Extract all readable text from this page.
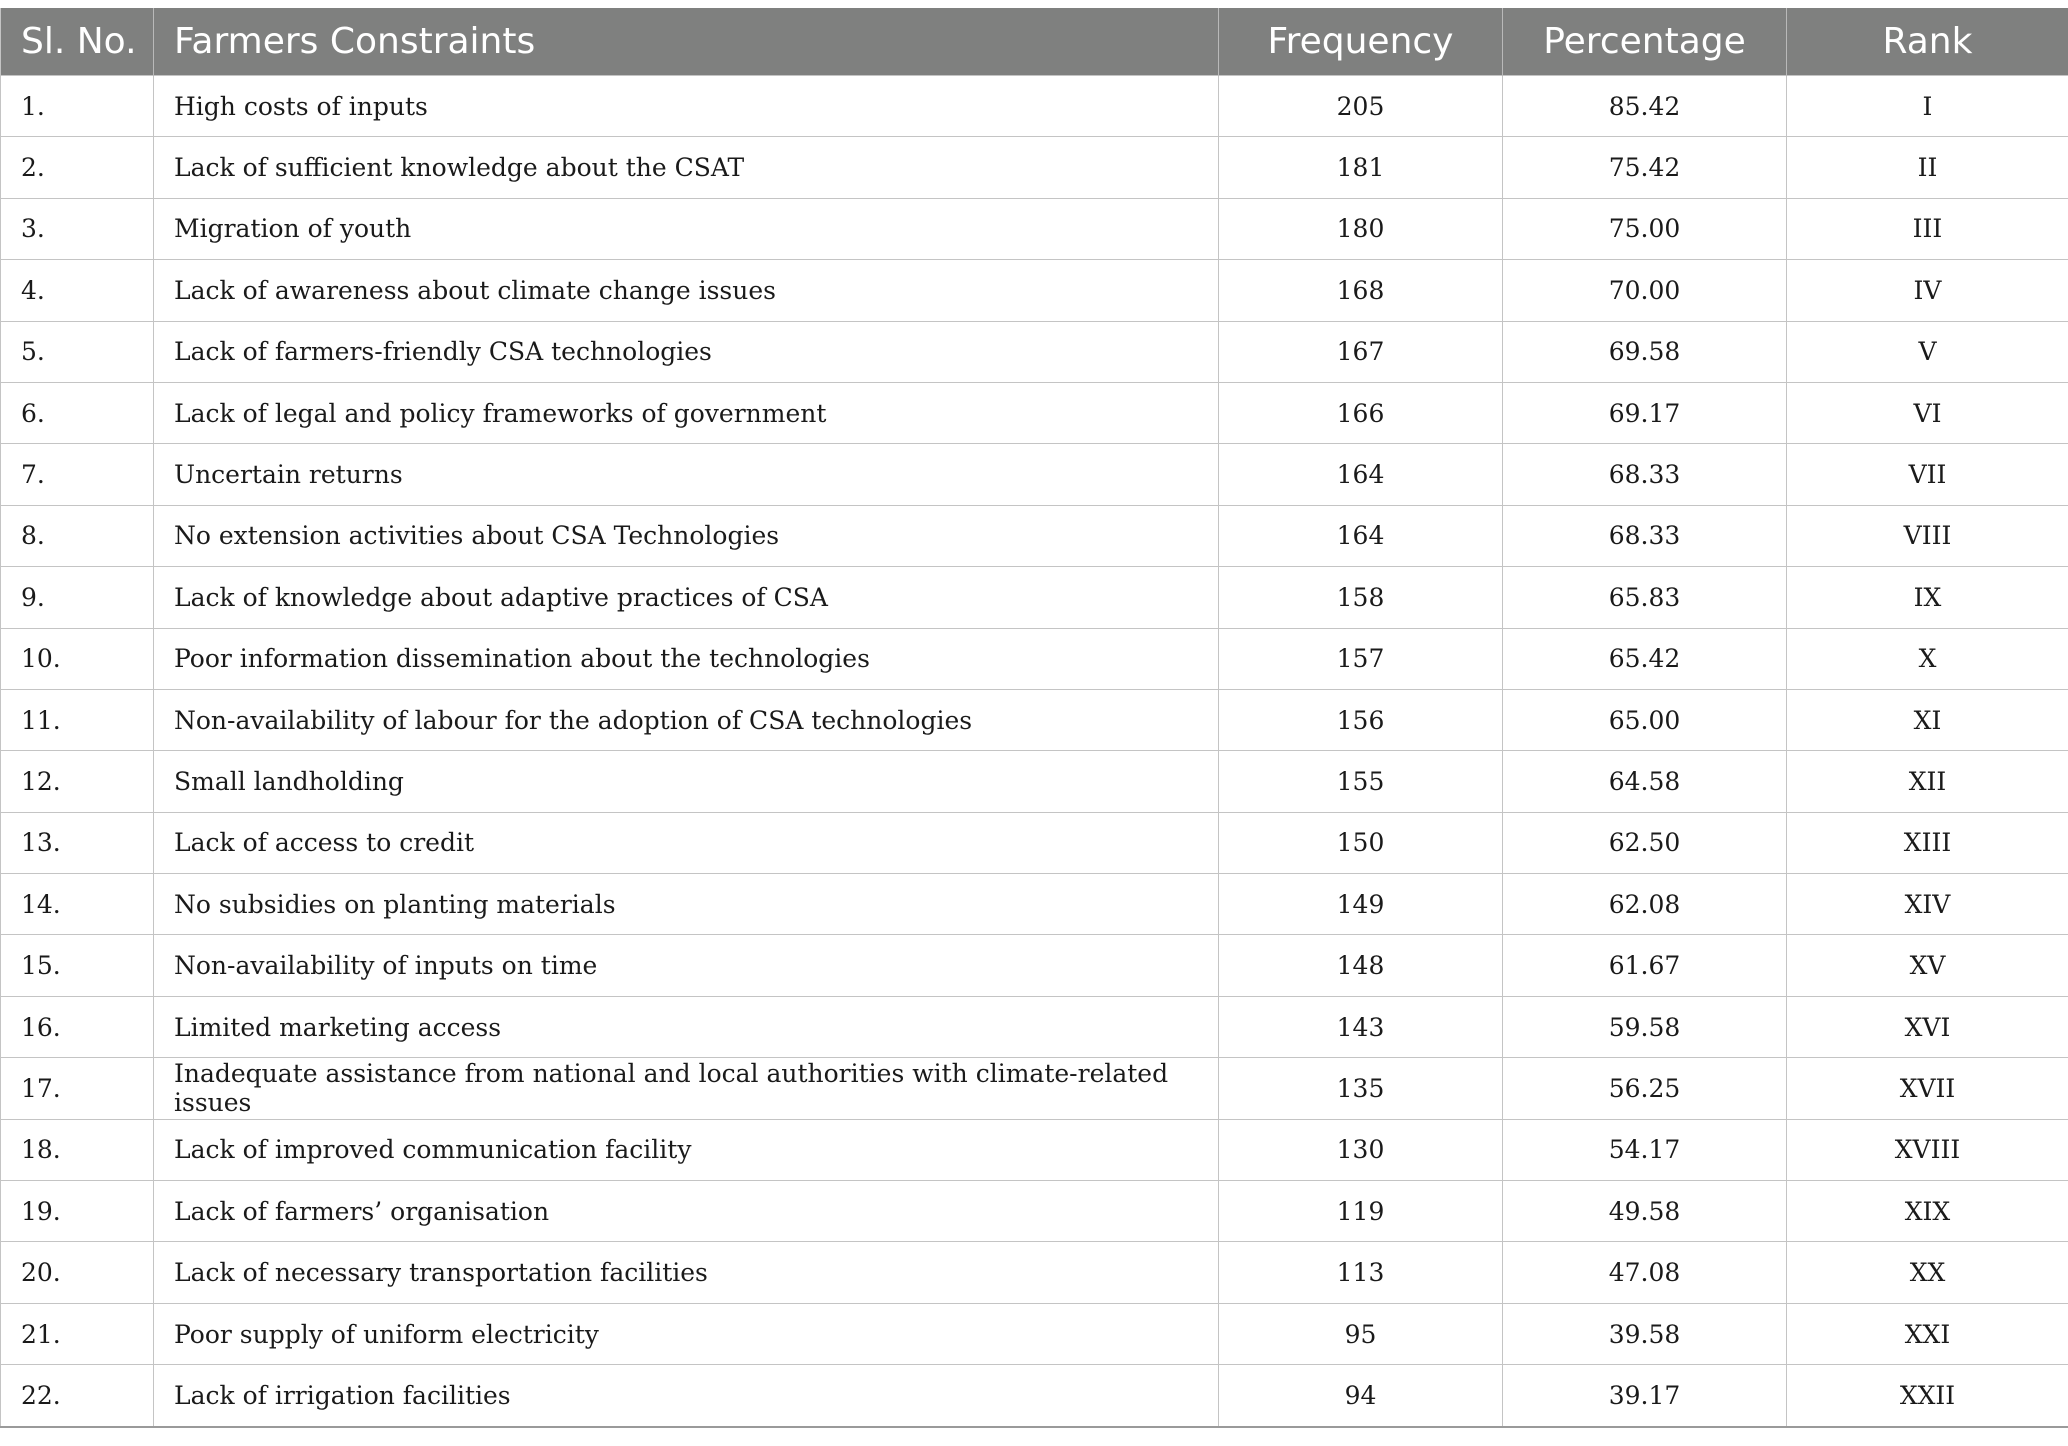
Sl. No.	Farmers Constraints	Frequency	Percentage	Rank
1.	High costs of inputs	205	85.42	I
2.	Lack of sufficient knowledge about the CSAT	181	75.42	II
3.	Migration of youth	180	75.00	III
4.	Lack of awareness about climate change issues	168	70.00	IV
5.	Lack of farmers-friendly CSA technologies	167	69.58	V
6.	Lack of legal and policy frameworks of government	166	69.17	VI
7.	Uncertain returns	164	68.33	VII
8.	No extension activities about CSA Technologies	164	68.33	VIII
9.	Lack of knowledge about adaptive practices of CSA	158	65.83	IX
10.	Poor information dissemination about the technologies	157	65.42	X
11.	Non-availability of labour for the adoption of CSA technologies	156	65.00	XI
12.	Small landholding	155	64.58	XII
13.	Lack of access to credit	150	62.50	XIII
14.	No subsidies on planting materials	149	62.08	XIV
15.	Non-availability of inputs on time	148	61.67	XV
16.	Limited marketing access	143	59.58	XVI
17.	Inadequate assistance from national and local authorities with climate-related issues	135	56.25	XVII
18.	Lack of improved communication facility	130	54.17	XVIII
19.	Lack of farmers’ organisation	119	49.58	XIX
20.	Lack of necessary transportation facilities	113	47.08	XX
21.	Poor supply of uniform electricity	95	39.58	XXI
22.	Lack of irrigation facilities	94	39.17	XXII
